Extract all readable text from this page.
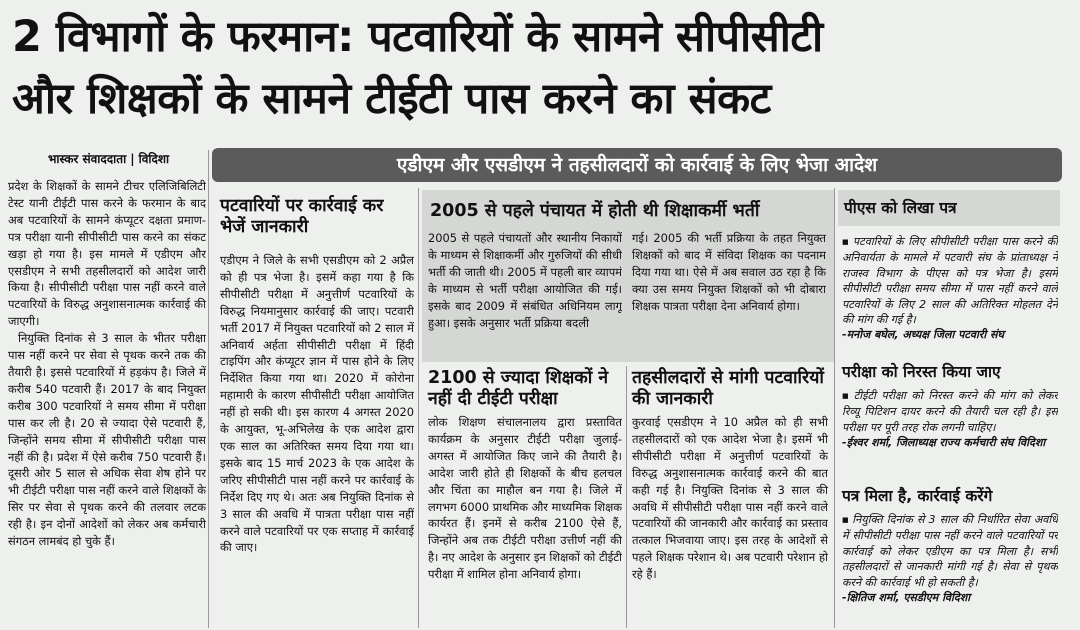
2 विभागों के फरमान: पटवारियों के सामने सीपीसीटी
और शिक्षकों के सामने टीईटी पास करने का संकट
भास्कर संवाददाता | विदिशा

प्रदेश के शिक्षकों के सामने टीचर एलिजिबिलिटी टेस्ट यानी टीईटी पास करने के फरमान के बाद अब पटवारियों के सामने कंप्यूटर दक्षता प्रमाण-पत्र परीक्षा यानी सीपीसीटी पास करने का संकट खड़ा हो गया है। इस मामले में एडीएम और एसडीएम ने सभी तहसीलदारों को आदेश जारी किया है। सीपीसीटी परीक्षा पास नहीं करने वाले पटवारियों के विरुद्ध अनुशासनात्मक कार्रवाई की जाएगी।

नियुक्ति दिनांक से 3 साल के भीतर परीक्षा पास नहीं करने पर सेवा से पृथक करने तक की तैयारी है। इससे पटवारियों में हड़कंप है। जिले में करीब 540 पटवारी हैं। 2017 के बाद नियुक्त करीब 300 पटवारियों ने समय सीमा में परीक्षा पास कर ली है। 20 से ज्यादा ऐसे पटवारी हैं, जिन्होंने समय सीमा में सीपीसीटी परीक्षा पास नहीं की है। प्रदेश में ऐसे करीब 750 पटवारी हैं। दूसरी ओर 5 साल से अधिक सेवा शेष होने पर भी टीईटी परीक्षा पास नहीं करने वाले शिक्षकों के सिर पर सेवा से पृथक करने की तलवार लटक रही है। इन दोनों आदेशों को लेकर अब कर्मचारी संगठन लामबंद हो चुके हैं।

एडीएम और एसडीएम ने तहसीलदारों को कार्रवाई के लिए भेजा आदेश
पटवारियों पर कार्रवाई कर भेजें जानकारी

एडीएम ने जिले के सभी एसडीएम को 2 अप्रैल को ही पत्र भेजा है। इसमें कहा गया है कि सीपीसीटी परीक्षा में अनुत्तीर्ण पटवारियों के विरुद्ध नियमानुसार कार्रवाई की जाए। पटवारी भर्ती 2017 में नियुक्त पटवारियों को 2 साल में अनिवार्य अर्हता सीपीसीटी परीक्षा में हिंदी टाइपिंग और कंप्यूटर ज्ञान में पास होने के लिए निर्देशित किया गया था। 2020 में कोरोना महामारी के कारण सीपीसीटी परीक्षा आयोजित नहीं हो सकी थी। इस कारण 4 अगस्त 2020 के आयुक्त, भू-अभिलेख के एक आदेश द्वारा एक साल का अतिरिक्त समय दिया गया था। इसके बाद 15 मार्च 2023 के एक आदेश के जरिए सीपीसीटी पास नहीं करने पर कार्रवाई के निर्देश दिए गए थे। अतः अब नियुक्ति दिनांक से 3 साल की अवधि में पात्रता परीक्षा पास नहीं करने वाले पटवारियों पर एक सप्ताह में कार्रवाई की जाए।

2005 से पहले पंचायत में होती थी शिक्षाकर्मी भर्ती

2005 से पहले पंचायतों और स्थानीय निकायों के माध्यम से शिक्षाकर्मी और गुरुजियों की सीधी भर्ती की जाती थी। 2005 में पहली बार व्यापमं के माध्यम से भर्ती परीक्षा आयोजित की गई। इसके बाद 2009 में संबंधित अधिनियम लागू हुआ। इसके अनुसार भर्ती प्रक्रिया बदली

गई। 2005 की भर्ती प्रक्रिया के तहत नियुक्त शिक्षकों को बाद में संविदा शिक्षक का पदनाम दिया गया था। ऐसे में अब सवाल उठ रहा है कि क्या उस समय नियुक्त शिक्षकों को भी दोबारा शिक्षक पात्रता परीक्षा देना अनिवार्य होगा।

2100 से ज्यादा शिक्षकों ने नहीं दी टीईटी परीक्षा

लोक शिक्षण संचालनालय द्वारा प्रस्तावित कार्यक्रम के अनुसार टीईटी परीक्षा जुलाई-अगस्त में आयोजित किए जाने की तैयारी है। आदेश जारी होते ही शिक्षकों के बीच हलचल और चिंता का माहौल बन गया है। जिले में लगभग 6000 प्राथमिक और माध्यमिक शिक्षक कार्यरत हैं। इनमें से करीब 2100 ऐसे हैं, जिन्होंने अब तक टीईटी परीक्षा उत्तीर्ण नहीं की है। नए आदेश के अनुसार इन शिक्षकों को टीईटी परीक्षा में शामिल होना अनिवार्य होगा।

तहसीलदारों से मांगी पटवारियों की जानकारी

कुरवाई एसडीएम ने 10 अप्रैल को ही सभी तहसीलदारों को एक आदेश भेजा है। इसमें भी सीपीसीटी परीक्षा में अनुत्तीर्ण पटवारियों के विरुद्ध अनुशासनात्मक कार्रवाई करने की बात कही गई है। नियुक्ति दिनांक से 3 साल की अवधि में सीपीसीटी परीक्षा पास नहीं करने वाले पटवारियों की जानकारी और कार्रवाई का प्रस्ताव तत्काल भिजवाया जाए। इस तरह के आदेशों से पहले शिक्षक परेशान थे। अब पटवारी परेशान हो रहे हैं।

पीएस को लिखा पत्र

■ पटवारियों के लिए सीपीसीटी परीक्षा पास करने की अनिवार्यता के मामले में पटवारी संघ के प्रांताध्यक्ष ने राजस्व विभाग के पीएस को पत्र भेजा है। इसमें सीपीसीटी परीक्षा समय सीमा में पास नहीं करने वाले पटवारियों के लिए 2 साल की अतिरिक्त मोहलत देने की मांग की गई है।

-मनोज बघेल, अध्यक्ष जिला पटवारी संघ

परीक्षा को निरस्त किया जाए

■ टीईटी परीक्षा को निरस्त करने की मांग को लेकर रिव्यू पिटिशन दायर करने की तैयारी चल रही है। इस परीक्षा पर पूरी तरह रोक लगनी चाहिए।

-ईश्वर शर्मा, जिलाध्यक्ष राज्य कर्मचारी संघ विदिशा

पत्र मिला है, कार्रवाई करेंगे

■ नियुक्ति दिनांक से 3 साल की निर्धारित सेवा अवधि में सीपीसीटी परीक्षा पास नहीं करने वाले पटवारियों पर कार्रवाई को लेकर एडीएम का पत्र मिला है। सभी तहसीलदारों से जानकारी मांगी गई है। सेवा से पृथक करने की कार्रवाई भी हो सकती है।

-क्षितिज शर्मा, एसडीएम विदिशा
